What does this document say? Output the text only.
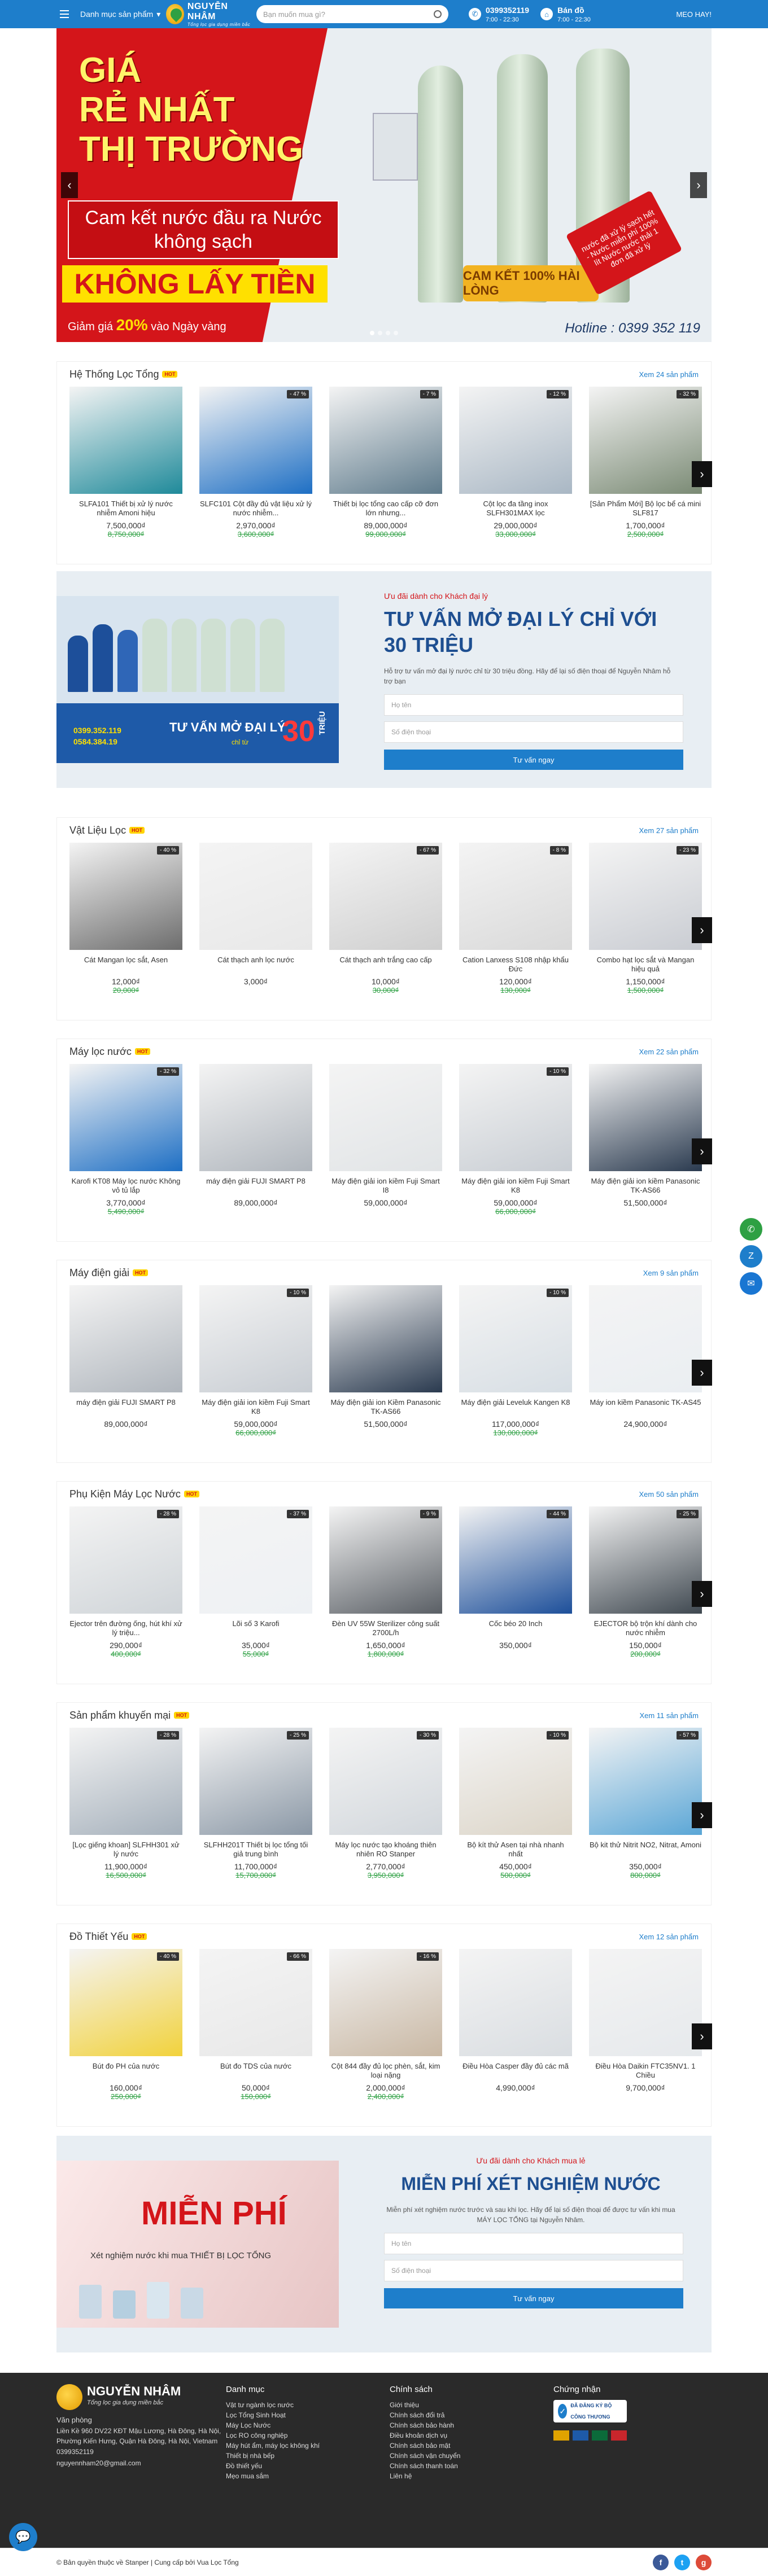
Danh mục sản phẩm ▾
NGUYỄN NHÂM
Tổng lọc gia dụng miền bắc
Bạn muốn mua gì?	✆ 0399352119
7:00 - 22:30
⌂	Bán đồ
7:00 - 22:30
MEO HAY!
GIÁ
RẺ NHẤT
THỊ TRƯỜNG
Cam kết nước đầu ra Nước không sạch
KHÔNG LẤY TIỀN
Giảm giá 20% vào Ngày vàng
CAM KẾT 100% HÀI LÒNG
nước đã xử lý sạch hết - Nước miễn phí 100% lít Nước nước thải 1 đơn đã xử lý
Hotline : 0399 352 119
‹	›
Hệ Thống Lọc Tổng	HOT	Xem 24 sản phẩm
SLFA101 Thiết bị xử lý nước nhiễm Amoni hiệu
7,500,000₫
8,750,000₫
- 47 %
SLFC101 Cột đầy đủ vật liệu xử lý nước nhiễm...
2,970,000₫
3,600,000₫
- 7 %
Thiết bị lọc tổng cao cấp cỡ đơn lớn nhưng...
89,000,000₫
99,000,000₫
- 12 %
Cột lọc đa tầng inox SLFH301MAX lọc
29,000,000₫
33,000,000₫
- 32 %
[Sản Phẩm Mới] Bộ lọc bể cá mini SLF817
1,700,000₫
2,500,000₫
›
Vật Liệu Lọc	HOT	Xem 27 sản phẩm
- 40 %
Cát Mangan lọc sắt, Asen
12,000₫
20,000₫
Cát thạch anh lọc nước
3,000₫
- 67 %
Cát thạch anh trắng cao cấp
10,000₫
30,000₫
- 8 %
Cation Lanxess S108 nhập khẩu Đức
120,000₫
130,000₫
- 23 %
Combo hạt lọc sắt và Mangan hiệu quả
1,150,000₫
1,500,000₫
›
Máy lọc nước	HOT	Xem 22 sản phẩm
- 32 %
Karofi KT08 Máy lọc nước Không vỏ tủ lắp
3,770,000₫
5,490,000₫
máy điện giải FUJI SMART P8
89,000,000₫
Máy điện giải ion kiềm Fuji Smart I8
59,000,000₫
- 10 %
Máy điện giải ion kiềm Fuji Smart K8
59,000,000₫
66,000,000₫
Máy điện giải ion kiềm Panasonic TK-AS66
51,500,000₫
›
Máy điện giải	HOT	Xem 9 sản phẩm
máy điện giải FUJI SMART P8
89,000,000₫
- 10 %
Máy điện giải ion kiềm Fuji Smart K8
59,000,000₫
66,000,000₫
Máy điện giải ion Kiềm Panasonic TK-AS66
51,500,000₫
- 10 %
Máy điện giải Leveluk Kangen K8
117,000,000₫
130,000,000₫
Máy ion kiềm Panasonic TK-AS45
24,900,000₫
›
Phụ Kiện Máy Lọc Nước	HOT	Xem 50 sản phẩm
- 28 %
Ejector trên đường ống, hút khí xử lý triệu...
290,000₫
400,000₫
- 37 %
Lõi số 3 Karofi
35,000₫
55,000₫
- 9 %
Đèn UV 55W Sterilizer công suất 2700L/h
1,650,000₫
1,800,000₫
- 44 %
Cốc béo 20 Inch
350,000₫
- 25 %
EJECTOR bộ trộn khí dành cho nước nhiễm
150,000₫
200,000₫
›
Sản phẩm khuyến mại	HOT	Xem 11 sản phẩm
- 28 %
[Lọc giếng khoan] SLFHH301 xử lý nước
11,900,000₫
16,500,000₫
- 25 %
SLFHH201T Thiết bị lọc tổng tối giả trung bình
11,700,000₫
15,700,000₫
- 30 %
Máy lọc nước tạo khoáng thiên nhiên RO Stanper
2,770,000₫
3,950,000₫
- 10 %
Bộ kít thử Asen tại nhà nhanh nhất
450,000₫
500,000₫
- 57 %
Bộ kit thử Nitrit NO2, Nitrat, Amoni
350,000₫
800,000₫
›
Đồ Thiết Yếu	HOT	Xem 12 sản phẩm
- 40 %
Bút đo PH của nước
160,000₫
250,000₫
- 66 %
Bút đo TDS của nước
50,000₫
150,000₫
- 16 %
Cột 844 đầy đủ lọc phèn, sắt, kim loại nặng
2,000,000₫
2,400,000₫
Điều Hòa Casper đầy đủ các mã
4,990,000₫
Điều Hòa Daikin FTC35NV1. 1 Chiều
9,700,000₫
›
TƯ VẤN MỞ ĐẠI LÝ
chỉ từ 30 TRIỆU
0399.352.119
0584.384.19
Ưu đãi dành cho Khách đại lý
TƯ VẤN MỞ ĐẠI LÝ CHỈ VỚI 30 TRIỆU

Hỗ trợ tư vấn mở đại lý nước chỉ từ 30 triệu đồng. Hãy để lại số điện thoại để Nguyễn Nhâm hỗ trợ bạn

Họ tên
Số điện thoại
Tư vấn ngay
MIỄN PHÍ
Xét nghiệm nước khi mua THIẾT BỊ LỌC TỔNG
Ưu đãi dành cho Khách mua lẻ
MIỄN PHÍ XÉT NGHIỆM NƯỚC

Miễn phí xét nghiệm nước trước và sau khi lọc. Hãy để lại số điện thoại để được tư vấn khi mua MÁY LỌC TỔNG tại Nguyễn Nhâm.

Họ tên
Số điện thoại
Tư vấn ngay
NGUYỄN NHÂM
Tổng lọc gia dụng miền bắc
Văn phòng
Liền Kề 960 DV22 KĐT Mậu Lương, Hà Đông, Hà Nội, Phường Kiến Hưng, Quận Hà Đông, Hà Nội, Vietnam
0399352119
nguyennham20@gmail.com
Danh mục
Vật tư ngành lọc nước
Lọc Tổng Sinh Hoạt
Máy Lọc Nước
Lọc RO công nghiệp
Máy hút ẩm, máy lọc không khí
Thiết bị nhà bếp
Đồ thiết yếu
Mẹo mua sắm
Chính sách
Giới thiệu
Chính sách đổi trả
Chính sách bảo hành
Điều khoản dịch vụ
Chính sách bảo mật
Chính sách vận chuyển
Chính sách thanh toán
Liên hệ
Chứng nhận
✓
ĐÃ ĐĂNG KÝ BỘ CÔNG THƯƠNG
© Bản quyền thuộc về Stanper | Cung cấp bởi Vua Lọc Tổng	f	t	g
✆
Z
✉
💬
